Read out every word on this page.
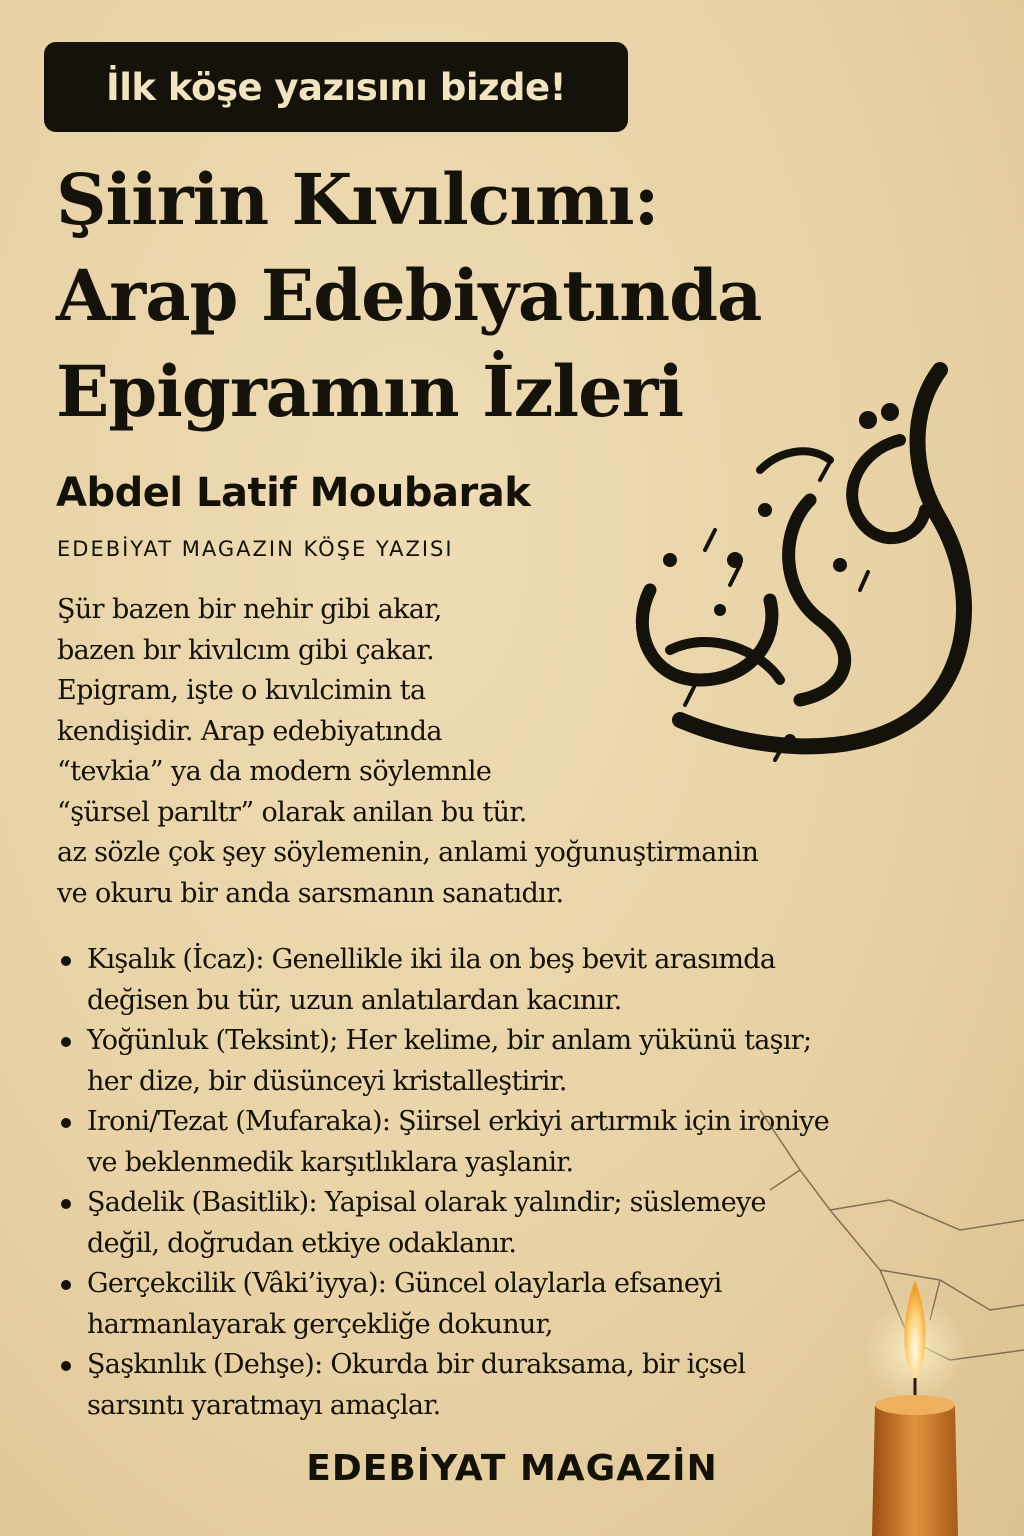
İlk köşe yazısını bizde!
Şiirin Kıvılcımı:
Arap Edebiyatında
Epigramın İzleri
Abdel Latif Moubarak
EDEBİYAT MAGAZIN KÖŞE YAZISI
Şür bazen bir nehir gibi akar,
bazen bır kivılcım gibi çakar.
Epigram, işte o kıvılcimin ta
kendişidir. Arap edebiyatında
“tevkia” ya da modern söylemnle
“şürsel parıltr” olarak anilan bu tür.
az sözle çok şey söylemenin, anlami yoğunuştirmanin
ve okuru bir anda sarsmanın sanatıdır.
Kışalık (İcaz): Genellikle iki ila on beş bevit arasımda
değisen bu tür, uzun anlatılardan kacınır.
Yoğünluk (Teksint); Her kelime, bir anlam yükünü taşır;
her dize, bir düsünceyi kristalleştirir.
Ironi/Tezat (Mufaraka): Şiirsel erkiyi artırmık için ironiye
ve beklenmedik karşıtlıklara yaşlanir.
Şadelik (Basitlik): Yapisal olarak yalındir; süslemeye
değil, doğrudan etkiye odaklanır.
Gerçekcilik (Vâki’iyya): Güncel olaylarla efsaneyi
harmanlayarak gerçekliğe dokunur,
Şaşkınlık (Dehşe): Okurda bir duraksama, bir içsel
sarsıntı yaratmayı amaçlar.
EDEBİYAT MAGAZİN
